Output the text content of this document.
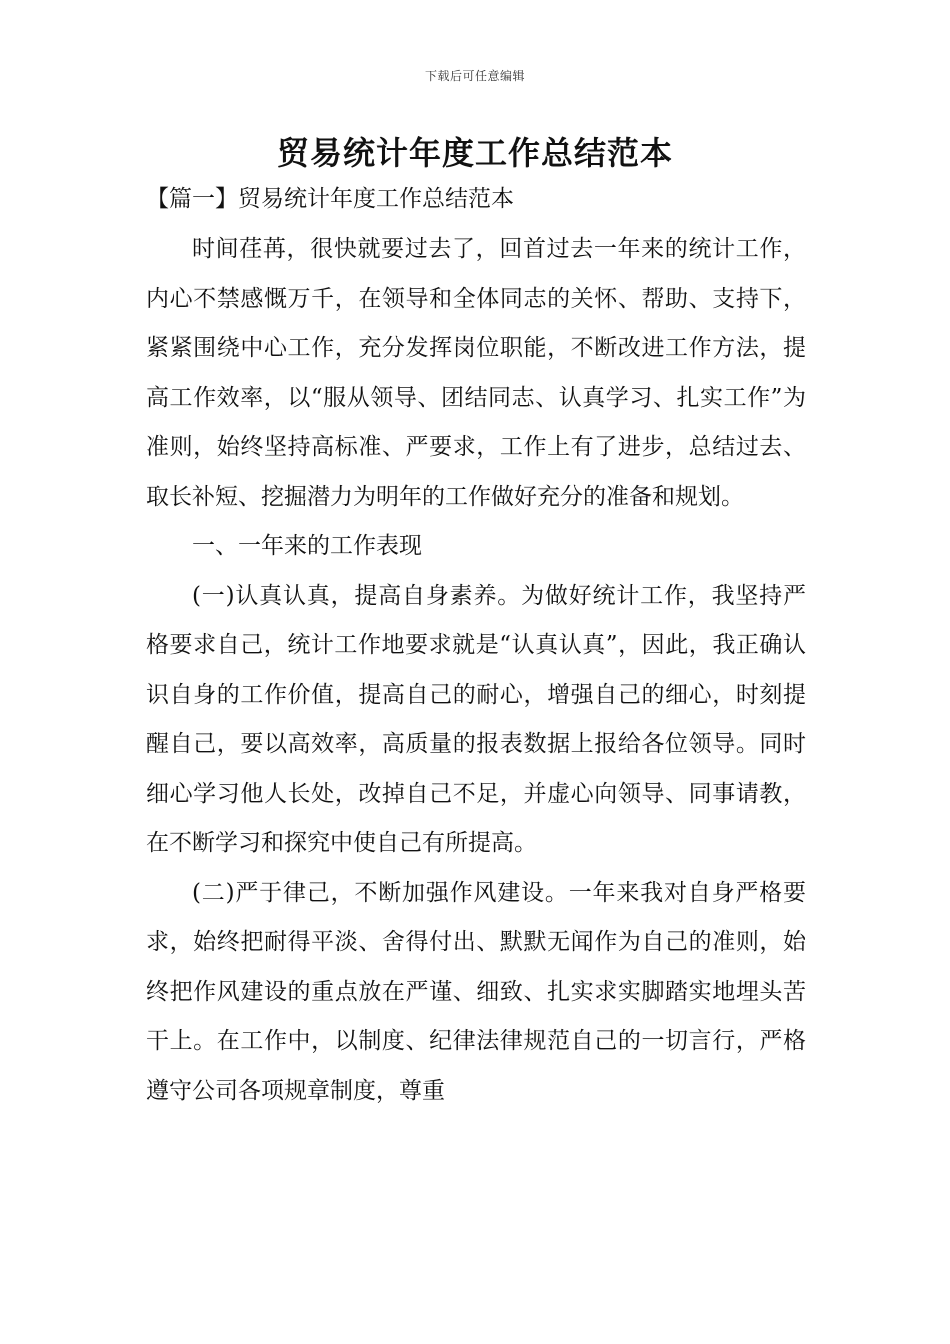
下载后可任意编辑
贸易统计年度工作总结范本
【篇一】贸易统计年度工作总结范本

时间荏苒，很快就要过去了，回首过去一年来的统计工作，内心不禁感慨万千，在领导和全体同志的关怀、帮助、支持下，紧紧围绕中心工作，充分发挥岗位职能，不断改进工作方法，提高工作效率，以“服从领导、团结同志、认真学习、扎实工作”为准则，始终坚持高标准、严要求，工作上有了进步，总结过去、取长补短、挖掘潜力为明年的工作做好充分的准备和规划。

一、一年来的工作表现

(一)认真认真，提高自身素养。为做好统计工作，我坚持严格要求自己，统计工作地要求就是“认真认真”，因此，我正确认识自身的工作价值，提高自己的耐心，增强自己的细心，时刻提醒自己，要以高效率，高质量的报表数据上报给各位领导。同时细心学习他人长处，改掉自己不足，并虚心向领导、同事请教，在不断学习和探究中使自己有所提高。

(二)严于律己，不断加强作风建设。一年来我对自身严格要求，始终把耐得平淡、舍得付出、默默无闻作为自己的准则，始终把作风建设的重点放在严谨、细致、扎实求实脚踏实地埋头苦干上。在工作中，以制度、纪律法律规范自己的一切言行，严格遵守公司各项规章制度，尊重
